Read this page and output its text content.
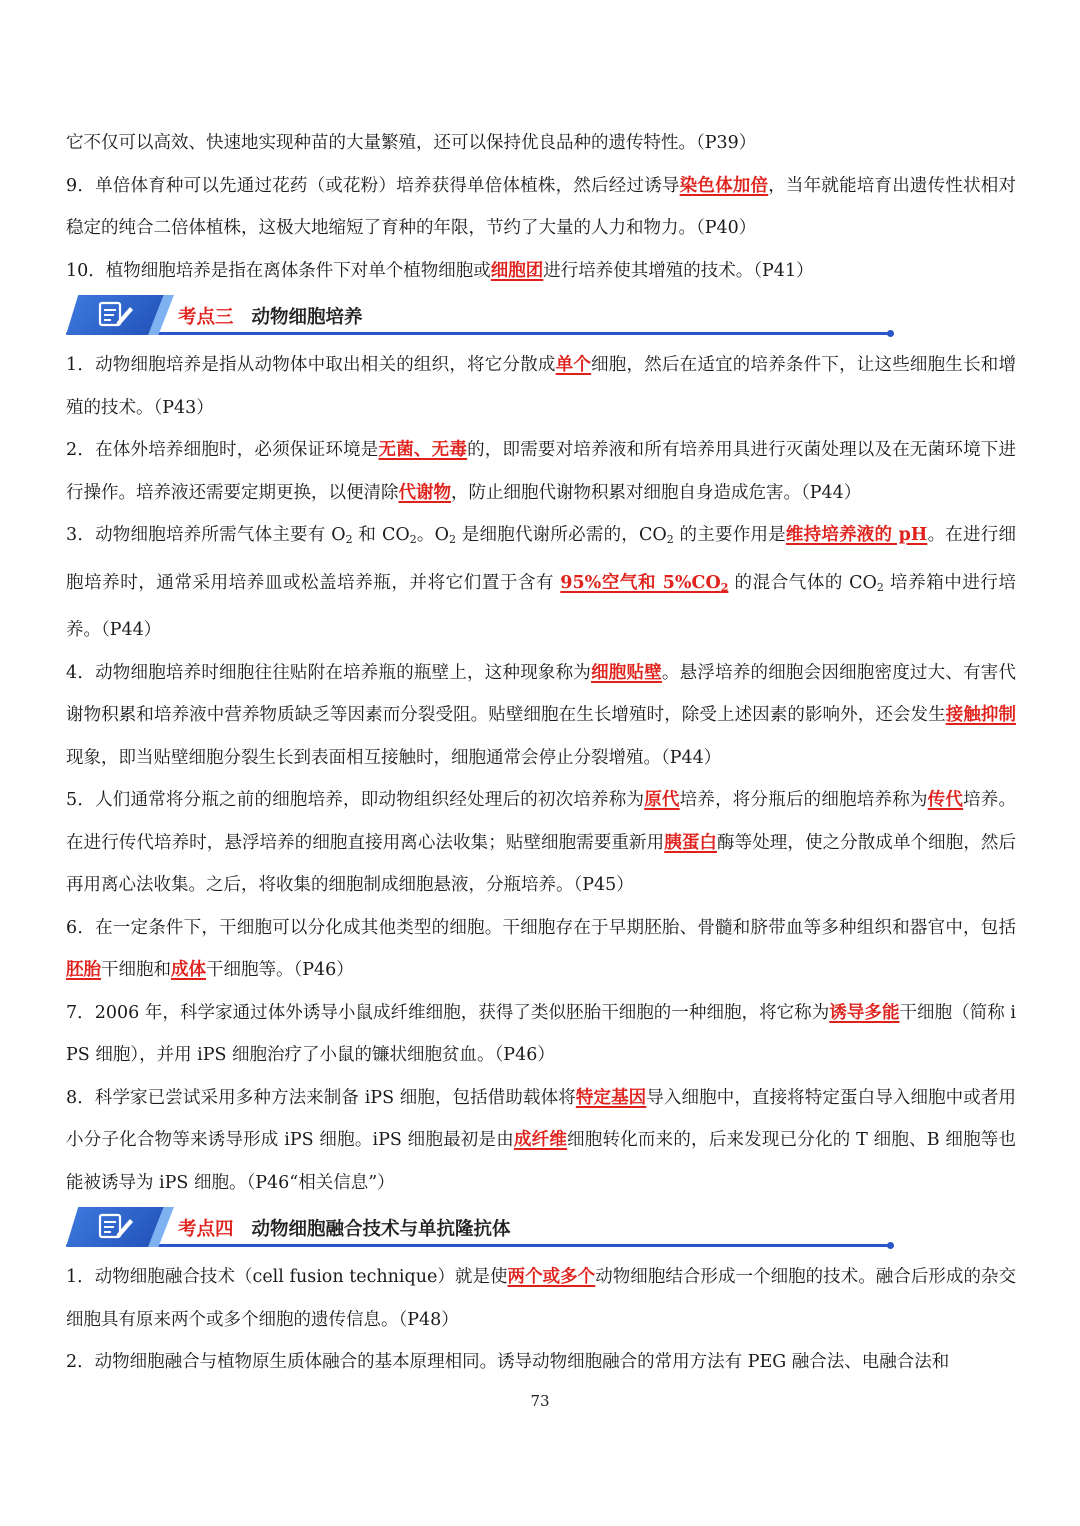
它不仅可以高效、快速地实现种苗的大量繁殖，还可以保持优良品种的遗传特性。（P39）

9．单倍体育种可以先通过花药（或花粉）培养获得单倍体植株，然后经过诱导染色体加倍，当年就能培育出遗传性状相对稳定的纯合二倍体植株，这极大地缩短了育种的年限，节约了大量的人力和物力。（P40）

10．植物细胞培养是指在离体条件下对单个植物细胞或细胞团进行培养使其增殖的技术。（P41）

考点三 动物细胞培养

1．动物细胞培养是指从动物体中取出相关的组织，将它分散成单个细胞，然后在适宜的培养条件下，让这些细胞生长和增殖的技术。（P43）

2．在体外培养细胞时，必须保证环境是无菌、无毒的，即需要对培养液和所有培养用具进行灭菌处理以及在无菌环境下进行操作。培养液还需要定期更换，以便清除代谢物，防止细胞代谢物积累对细胞自身造成危害。（P44）

3．动物细胞培养所需气体主要有 $O_2$ 和 $CO_2$。$O_2$ 是细胞代谢所必需的，$CO_2$ 的主要作用是维持培养液的 pH。在进行细胞培养时，通常采用培养皿或松盖培养瓶，并将它们置于含有 95%空气和 $5\%CO_2$ 的混合气体的 $CO_2$ 培养箱中进行培养。（P44）

4．动物细胞培养时细胞往往贴附在培养瓶的瓶壁上，这种现象称为细胞贴壁。悬浮培养的细胞会因细胞密度过大、有害代谢物积累和培养液中营养物质缺乏等因素而分裂受阻。贴壁细胞在生长增殖时，除受上述因素的影响外，还会发生接触抑制现象，即当贴壁细胞分裂生长到表面相互接触时，细胞通常会停止分裂增殖。（P44）

5．人们通常将分瓶之前的细胞培养，即动物组织经处理后的初次培养称为原代培养，将分瓶后的细胞培养称为传代培养。在进行传代培养时，悬浮培养的细胞直接用离心法收集；贴壁细胞需要重新用胰蛋白酶等处理，使之分散成单个细胞，然后再用离心法收集。之后，将收集的细胞制成细胞悬液，分瓶培养。（P45）

6．在一定条件下，干细胞可以分化成其他类型的细胞。干细胞存在于早期胚胎、骨髓和脐带血等多种组织和器官中，包括胚胎干细胞和成体干细胞等。（P46）

7．2006 年，科学家通过体外诱导小鼠成纤维细胞，获得了类似胚胎干细胞的一种细胞，将它称为诱导多能干细胞（简称 iPS 细胞），并用 iPS 细胞治疗了小鼠的镰状细胞贫血。（P46）

8．科学家已尝试采用多种方法来制备 iPS 细胞，包括借助载体将特定基因导入细胞中，直接将特定蛋白导入细胞中或者用小分子化合物等来诱导形成 iPS 细胞。iPS 细胞最初是由成纤维细胞转化而来的，后来发现已分化的 T 细胞、B 细胞等也能被诱导为 iPS 细胞。（P46“相关信息”）

考点四 动物细胞融合技术与单抗隆抗体

1．动物细胞融合技术（cell fusion technique）就是使两个或多个动物细胞结合形成一个细胞的技术。融合后形成的杂交细胞具有原来两个或多个细胞的遗传信息。（P48）

2．动物细胞融合与植物原生质体融合的基本原理相同。诱导动物细胞融合的常用方法有 PEG 融合法、电融合法和

73
